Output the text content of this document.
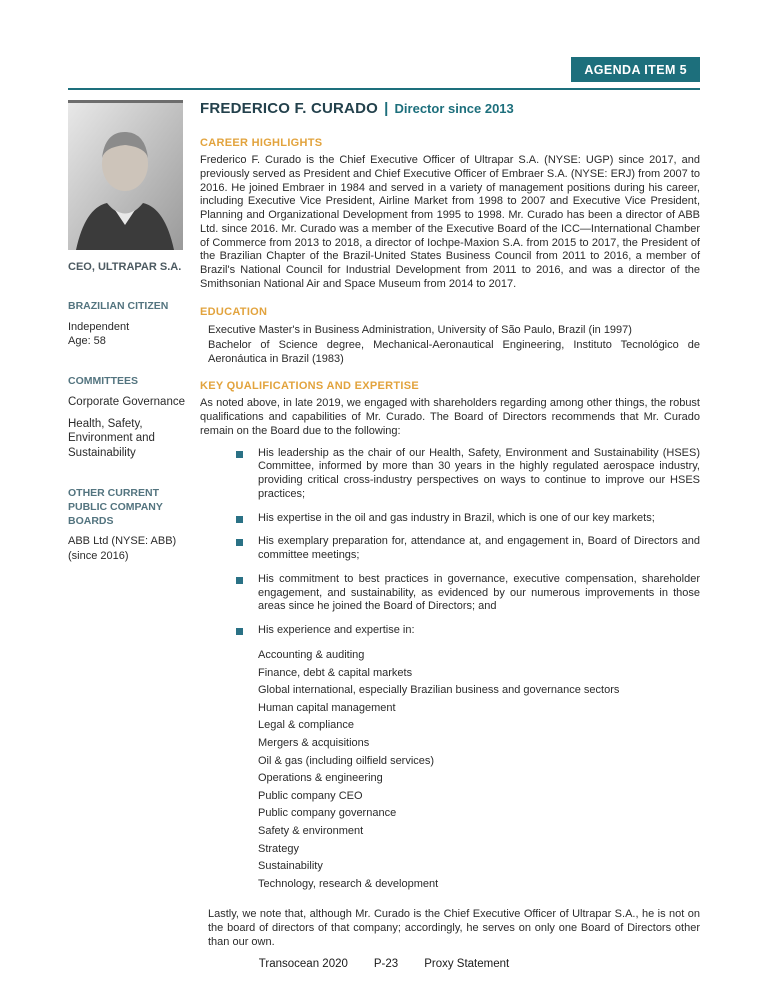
AGENDA ITEM 5
CEO, ULTRAPAR S.A.
BRAZILIAN CITIZEN
Independent
Age: 58
COMMITTEES
Corporate Governance
Health, Safety, Environment and Sustainability
OTHER CURRENT PUBLIC COMPANY BOARDS
ABB Ltd (NYSE: ABB) (since 2016)
FREDERICO F. CURADO | Director since 2013
CAREER HIGHLIGHTS

Frederico F. Curado is the Chief Executive Officer of Ultrapar S.A. (NYSE: UGP) since 2017, and previously served as President and Chief Executive Officer of Embraer S.A. (NYSE: ERJ) from 2007 to 2016. He joined Embraer in 1984 and served in a variety of management positions during his career, including Executive Vice President, Airline Market from 1998 to 2007 and Executive Vice President, Planning and Organizational Development from 1995 to 1998. Mr. Curado has been a director of ABB Ltd. since 2016. Mr. Curado was a member of the Executive Board of the ICC—International Chamber of Commerce from 2013 to 2018, a director of Iochpe-Maxion S.A. from 2015 to 2017, the President of the Brazilian Chapter of the Brazil-United States Business Council from 2011 to 2016, a member of Brazil's National Council for Industrial Development from 2011 to 2016, and was a director of the Smithsonian National Air and Space Museum from 2014 to 2017.

EDUCATION

Executive Master's in Business Administration, University of São Paulo, Brazil (in 1997)

Bachelor of Science degree, Mechanical-Aeronautical Engineering, Instituto Tecnológico de Aeronáutica in Brazil (1983)

KEY QUALIFICATIONS AND EXPERTISE

As noted above, in late 2019, we engaged with shareholders regarding among other things, the robust qualifications and capabilities of Mr. Curado. The Board of Directors recommends that Mr. Curado remain on the Board due to the following:

His leadership as the chair of our Health, Safety, Environment and Sustainability (HSES) Committee, informed by more than 30 years in the highly regulated aerospace industry, providing critical cross-industry perspectives on ways to continue to improve our HSES practices;
His expertise in the oil and gas industry in Brazil, which is one of our key markets;
His exemplary preparation for, attendance at, and engagement in, Board of Directors and committee meetings;
His commitment to best practices in governance, executive compensation, shareholder engagement, and sustainability, as evidenced by our numerous improvements in those areas since he joined the Board of Directors; and
His experience and expertise in:
Accounting & auditing
Finance, debt & capital markets
Global international, especially Brazilian business and governance sectors
Human capital management
Legal & compliance
Mergers & acquisitions
Oil & gas (including oilfield services)
Operations & engineering
Public company CEO
Public company governance
Safety & environment
Strategy
Sustainability
Technology, research & development

Lastly, we note that, although Mr. Curado is the Chief Executive Officer of Ultrapar S.A., he is not on the board of directors of that company; accordingly, he serves on only one Board of Directors other than our own.

Transocean 2020 P-23 Proxy Statement
